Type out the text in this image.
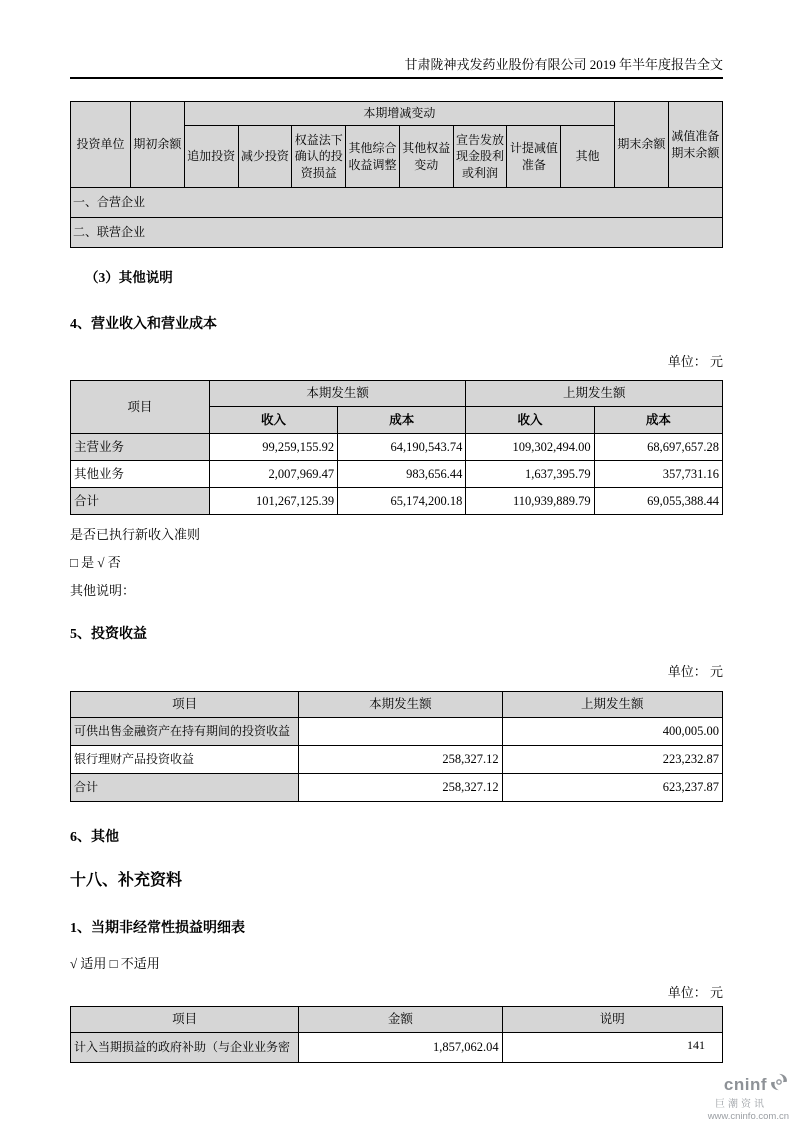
甘肃陇神戎发药业股份有限公司 2019 年半年度报告全文
投资单位	期初余额	本期增减变动								期末余额	减值准备期末余额
		追加投资	减少投资	权益法下确认的投资损益	其他综合收益调整	其他权益变动	宣告发放现金股利或利润	计提减值准备	其他		
一、合营企业											
二、联营企业											
（3）其他说明
4、营业收入和营业成本
单位： 元
项目	本期发生额		上期发生额	
	收入	成本	收入	成本
主营业务	99,259,155.92	64,190,543.74	109,302,494.00	68,697,657.28
其他业务	2,007,969.47	983,656.44	1,637,395.79	357,731.16
合计	101,267,125.39	65,174,200.18	110,939,889.79	69,055,388.44
是否已执行新收入准则
□ 是 √ 否
其他说明：
5、投资收益
单位： 元
项目	本期发生额	上期发生额
可供出售金融资产在持有期间的投资收益		400,005.00
银行理财产品投资收益	258,327.12	223,232.87
合计	258,327.12	623,237.87
6、其他
十八、补充资料
1、当期非经常性损益明细表
√ 适用 □ 不适用
单位： 元
项目	金额	说明
计入当期损益的政府补助（与企业业务密	1,857,062.04		141
cninf
巨潮资讯
www.cninfo.com.cn
